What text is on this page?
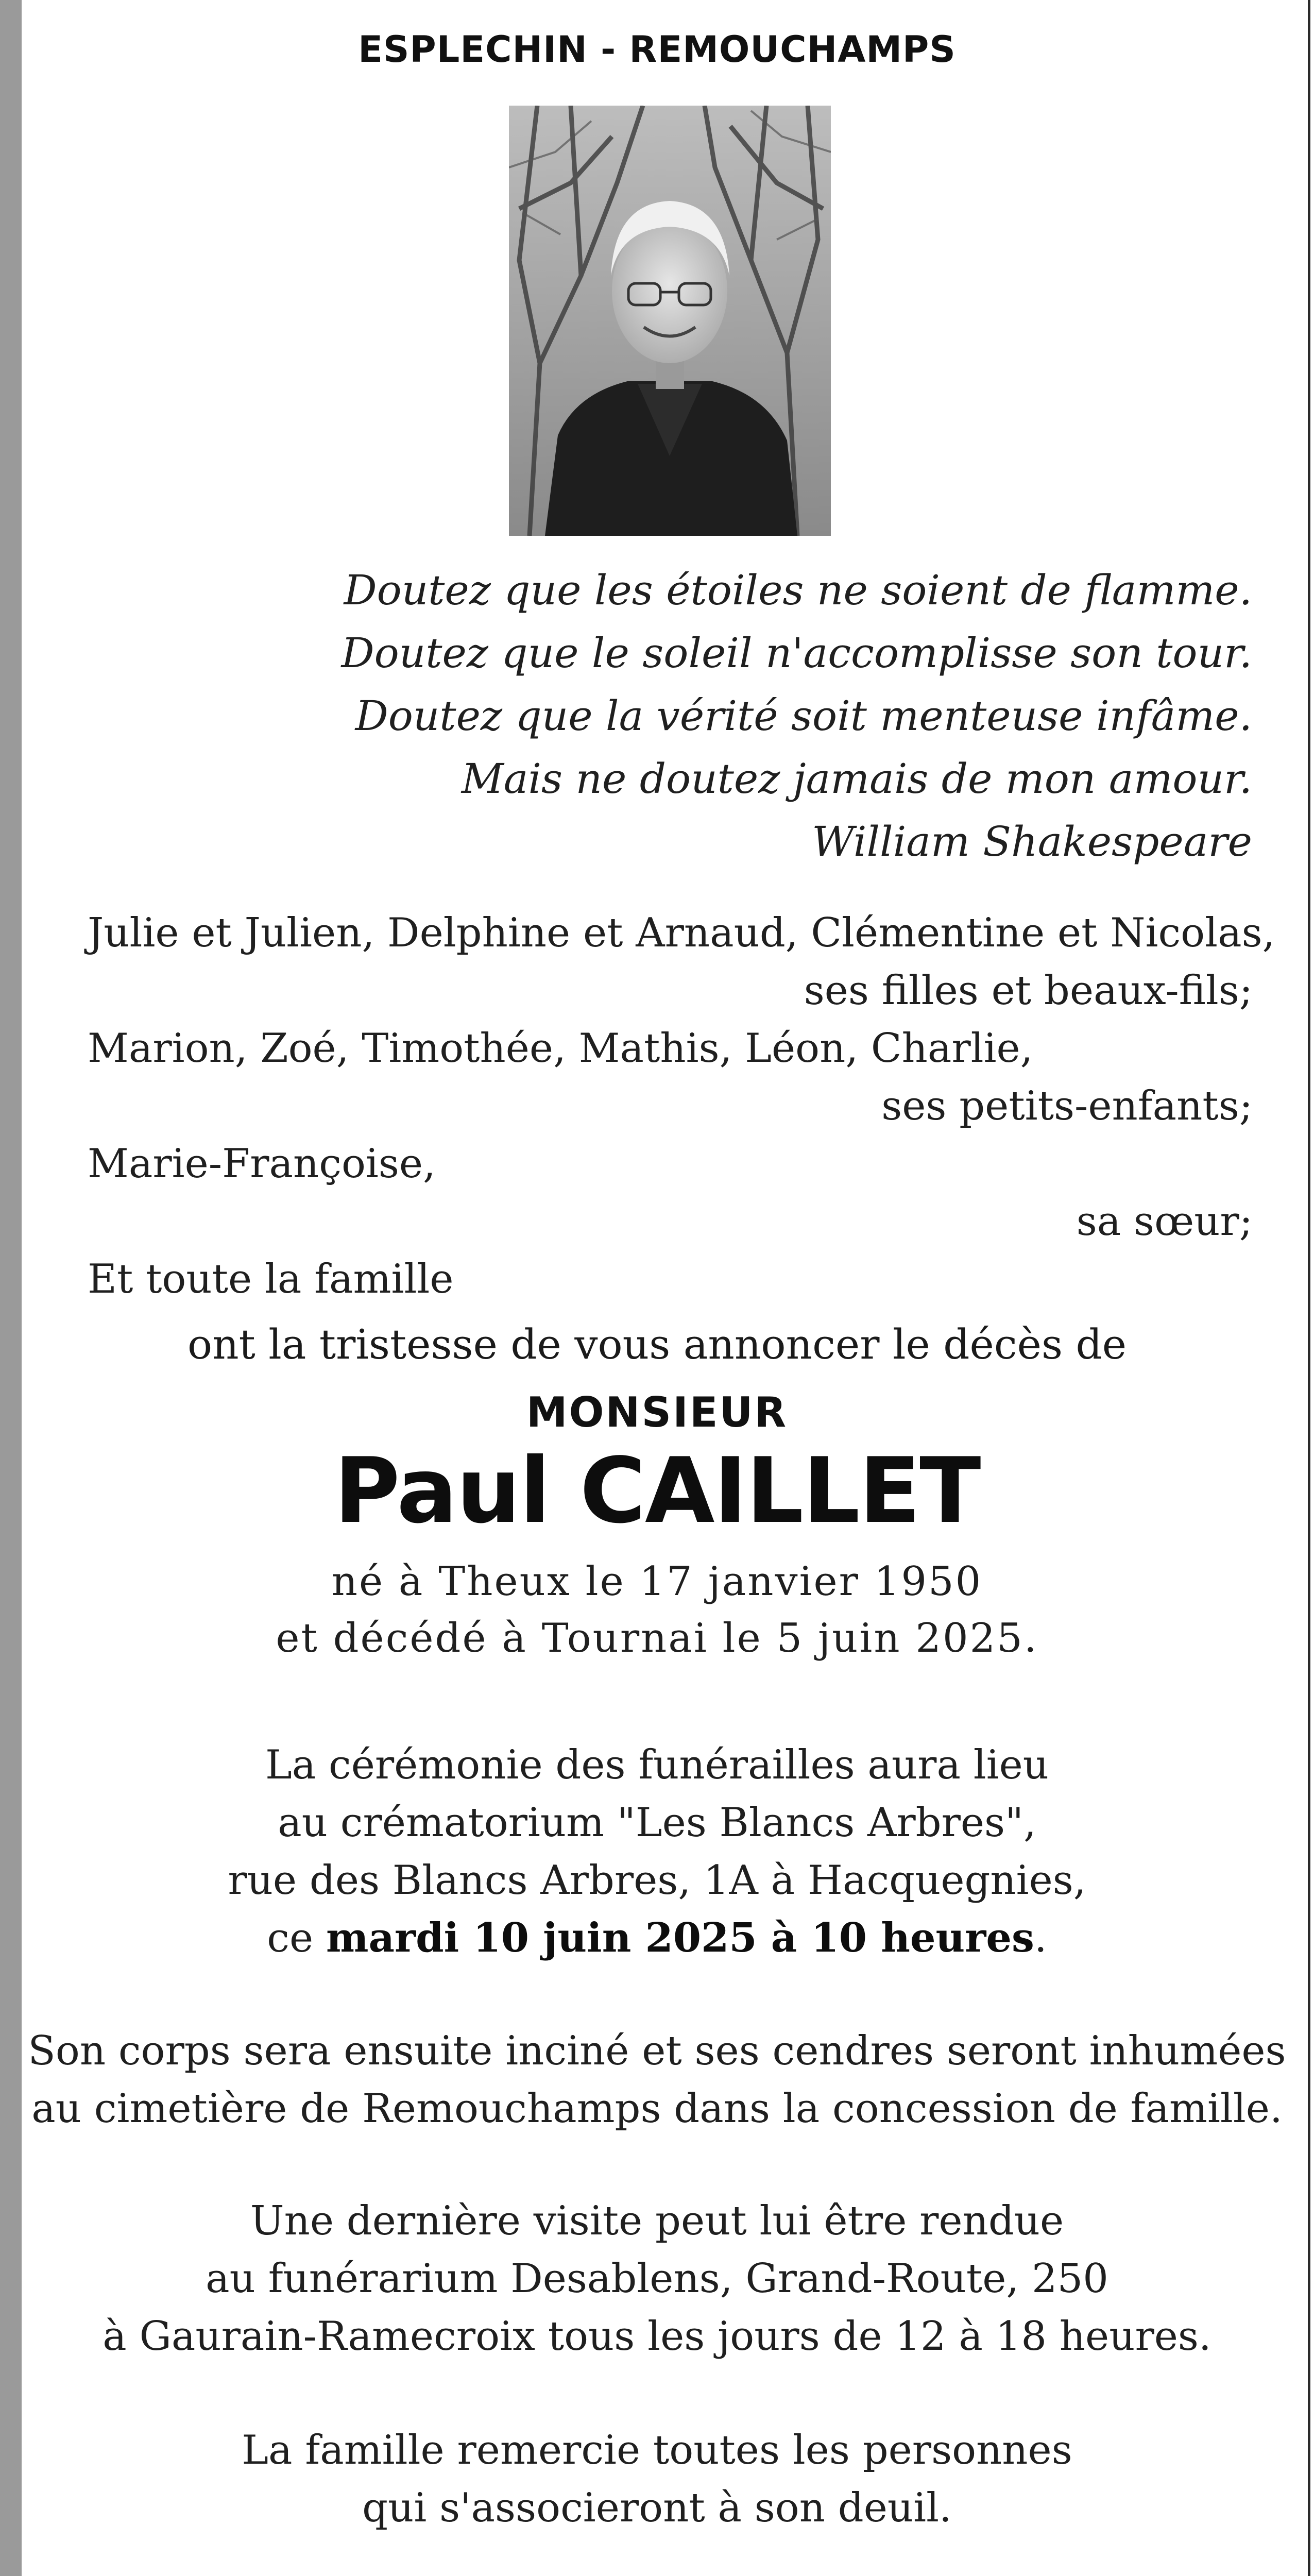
ESPLECHIN - REMOUCHAMPS
Doutez que les étoiles ne soient de flamme.
Doutez que le soleil n'accomplisse son tour.
Doutez que la vérité soit menteuse infâme.
Mais ne doutez jamais de mon amour.
William Shakespeare
Julie et Julien, Delphine et Arnaud, Clémentine et Nicolas,
ses filles et beaux-fils;
Marion, Zoé, Timothée, Mathis, Léon, Charlie,
ses petits-enfants;
Marie-Françoise,
sa sœur;
Et toute la famille
ont la tristesse de vous annoncer le décès de
MONSIEUR
Paul CAILLET
né à Theux le 17 janvier 1950
et décédé à Tournai le 5 juin 2025.
La cérémonie des funérailles aura lieu
au crématorium "Les Blancs Arbres",
rue des Blancs Arbres, 1A à Hacquegnies,
ce mardi 10 juin 2025 à 10 heures.
Son corps sera ensuite inciné et ses cendres seront inhumées
au cimetière de Remouchamps dans la concession de famille.
Une dernière visite peut lui être rendue
au funérarium Desablens, Grand-Route, 250
à Gaurain-Ramecroix tous les jours de 12 à 18 heures.
La famille remercie toutes les personnes
qui s'associeront à son deuil.
